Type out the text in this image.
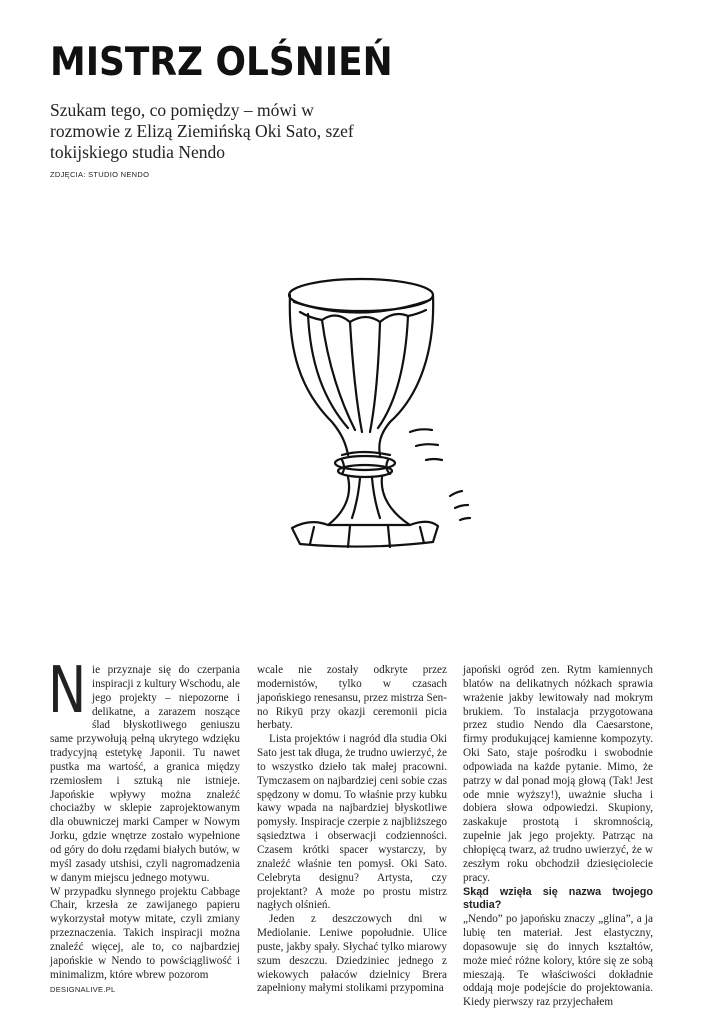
MISTRZ OLŚNIEŃ

Szukam tego, co pomiędzy – mówi w rozmowie z Elizą Ziemińską Oki Sato, szef tokijskiego studia Nendo

ZDJĘCIA: STUDIO NENDO

Nie przyznaje się do czerpania inspiracji z kultury Wschodu, ale jego projekty – niepozorne i delikatne, a zarazem noszące ślad błyskotliwego geniuszu same przywołują pełną ukrytego wdzięku tradycyjną estetykę Japonii. Tu nawet pustka ma wartość, a granica między rzemiosłem i sztuką nie istnieje. Japońskie wpływy można znaleźć chociażby w sklepie zaprojektowanym dla obuwniczej marki Camper w Nowym Jorku, gdzie wnętrze zostało wypełnione od góry do dołu rzędami białych butów, w myśl zasady utshisi, czyli nagromadzenia w danym miejscu jednego motywu.

W przypadku słynnego projektu Cabbage Chair, krzesła ze zawijanego papieru wykorzystał motyw mitate, czyli zmiany przeznaczenia. Takich inspiracji można znaleźć więcej, ale to, co najbardziej japońskie w Nendo to powściągliwość i minimalizm, które wbrew pozorom

wcale nie zostały odkryte przez modernistów, tylko w czasach japońskiego renesansu, przez mistrza Sen-no Rikyū przy okazji ceremonii picia herbaty.

Lista projektów i nagród dla studia Oki Sato jest tak długa, że trudno uwierzyć, że to wszystko dzieło tak małej pracowni. Tymczasem on najbardziej ceni sobie czas spędzony w domu. To właśnie przy kubku kawy wpada na najbardziej błyskotliwe pomysły. Inspiracje czerpie z najbliższego sąsiedztwa i obserwacji codzienności. Czasem krótki spacer wystarczy, by znaleźć właśnie ten pomysł. Oki Sato. Celebryta designu? Artysta, czy projektant? A może po prostu mistrz nagłych olśnień.

Jeden z deszczowych dni w Mediolanie. Leniwe popołudnie. Ulice puste, jakby spały. Słychać tylko miarowy szum deszczu. Dziedziniec jednego z wiekowych pałaców dzielnicy Brera zapełniony małymi stolikami przypomina

japoński ogród zen. Rytm kamiennych blatów na delikatnych nóżkach sprawia wrażenie jakby lewitowały nad mokrym brukiem. To instalacja przygotowana przez studio Nendo dla Caesarstone, firmy produkującej kamienne kompozyty. Oki Sato, staje pośrodku i swobodnie odpowiada na każde pytanie. Mimo, że patrzy w dal ponad moją głową (Tak! Jest ode mnie wyższy!), uważnie słucha i dobiera słowa odpowiedzi. Skupiony, zaskakuje prostotą i skromnością, zupełnie jak jego projekty. Patrząc na chłopięcą twarz, aż trudno uwierzyć, że w zeszłym roku obchodził dziesięciolecie pracy.

Skąd wzięła się nazwa twojego studia?

„Nendo” po japońsku znaczy „glina”, a ja lubię ten materiał. Jest elastyczny, dopasowuje się do innych kształtów, może mieć różne kolory, które się ze sobą mieszają. Te właściwości dokładnie oddają moje podejście do projektowania. Kiedy pierwszy raz przyjechałem

DESIGNALIVE.PL
